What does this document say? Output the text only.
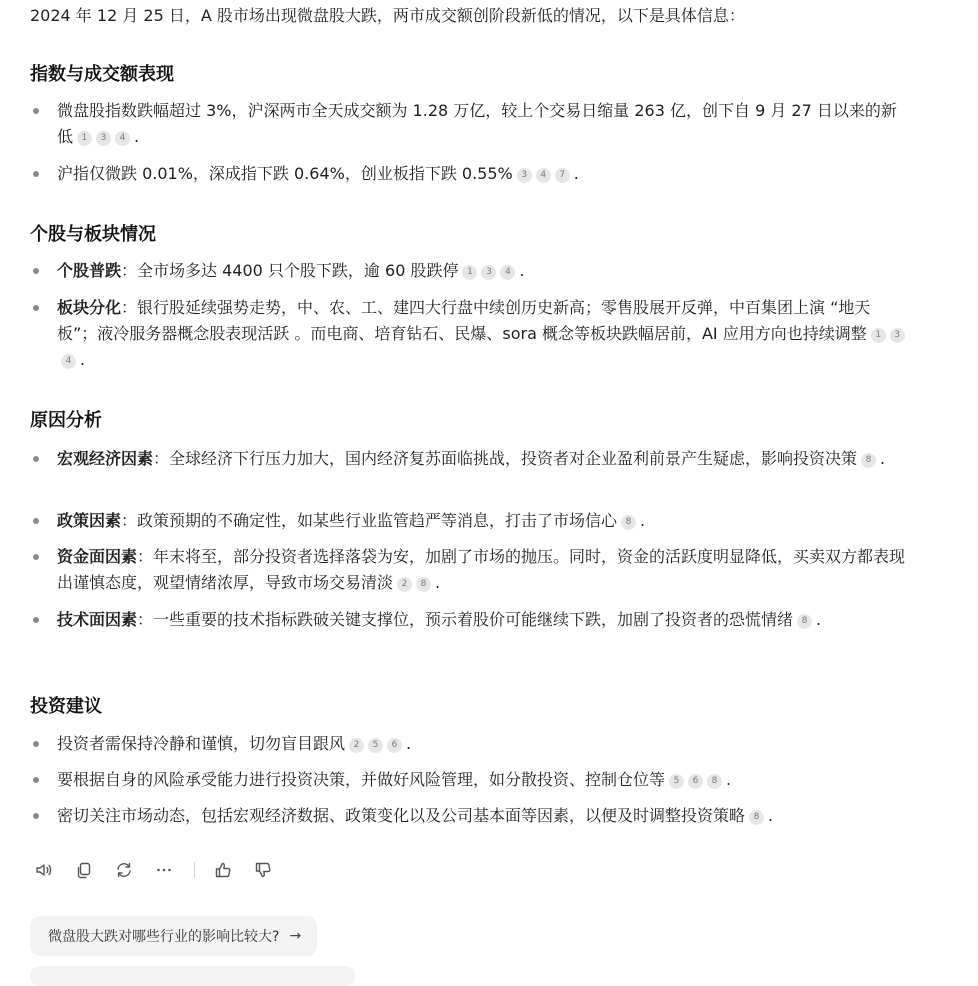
2024 年 12 月 25 日，A 股市场出现微盘股大跌，两市成交额创阶段新低的情况，以下是具体信息：
指数与成交额表现
微盘股指数跌幅超过 3%，沪深两市全天成交额为 1.28 万亿，较上个交易日缩量 263 亿，创下自 9 月 27 日以来的新低 1 3 4 .
沪指仅微跌 0.01%，深成指下跌 0.64%，创业板指下跌 0.55% 3 4 7 .
个股与板块情况
个股普跌：全市场多达 4400 只个股下跌，逾 60 股跌停 1 3 4 .
板块分化：银行股延续强势走势，中、农、工、建四大行盘中续创历史新高；零售股展开反弹，中百集团上演 “地天板”；液冷服务器概念股表现活跃 。而电商、培育钻石、民爆、sora 概念等板块跌幅居前，AI 应用方向也持续调整 1 34 .
原因分析
宏观经济因素：全球经济下行压力加大，国内经济复苏面临挑战，投资者对企业盈利前景产生疑虑，影响投资决策 8 .
政策因素：政策预期的不确定性，如某些行业监管趋严等消息，打击了市场信心 8 .
资金面因素：年末将至，部分投资者选择落袋为安，加剧了市场的抛压。同时，资金的活跃度明显降低，买卖双方都表现出谨慎态度，观望情绪浓厚，导致市场交易清淡 2 8 .
技术面因素：一些重要的技术指标跌破关键支撑位，预示着股价可能继续下跌，加剧了投资者的恐慌情绪 8 .
投资建议
投资者需保持冷静和谨慎，切勿盲目跟风 2 5 6 .
要根据自身的风险承受能力进行投资决策，并做好风险管理，如分散投资、控制仓位等 5 6 8 .
密切关注市场动态，包括宏观经济数据、政策变化以及公司基本面等因素，以便及时调整投资策略 8 .
微盘股大跌对哪些行业的影响比较大? →
